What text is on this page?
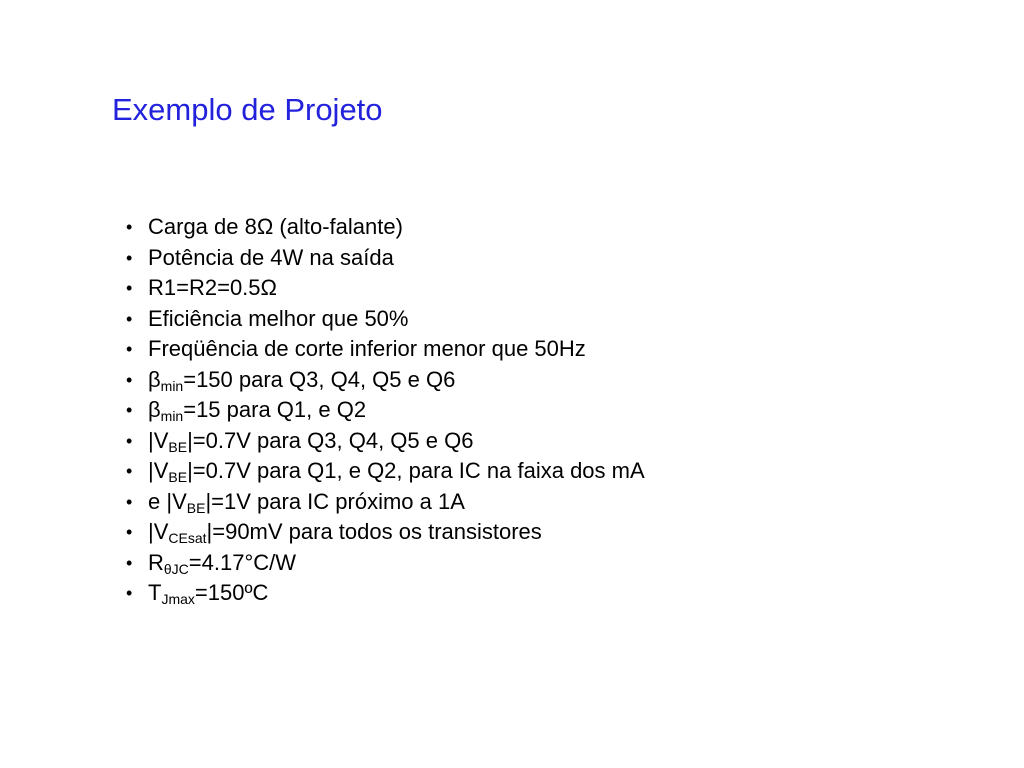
Exemplo de Projeto
• Carga de 8Ω (alto-falante)
• Potência de 4W na saída
• R1=R2=0.5Ω
• Eficiência melhor que 50%
• Freqüência de corte inferior menor que 50Hz
• $\beta_{min}=150$ para Q3, Q4, Q5 e Q6
• $\beta_{min}=15$ para Q1, e Q2
• $|V_{BE}|=0.7V$ para Q3, Q4, Q5 e Q6
• $|V_{BE}|=0.7V$ para Q1, e Q2, para IC na faixa dos mA
• e $|V_{BE}|=1V$ para IC próximo a 1A
• $|V_{CEsat}|=90mV$ para todos os transistores
• $R_{\theta JC}=4.17^\circ C/W$
• $T_{Jmax}=150ºC$
